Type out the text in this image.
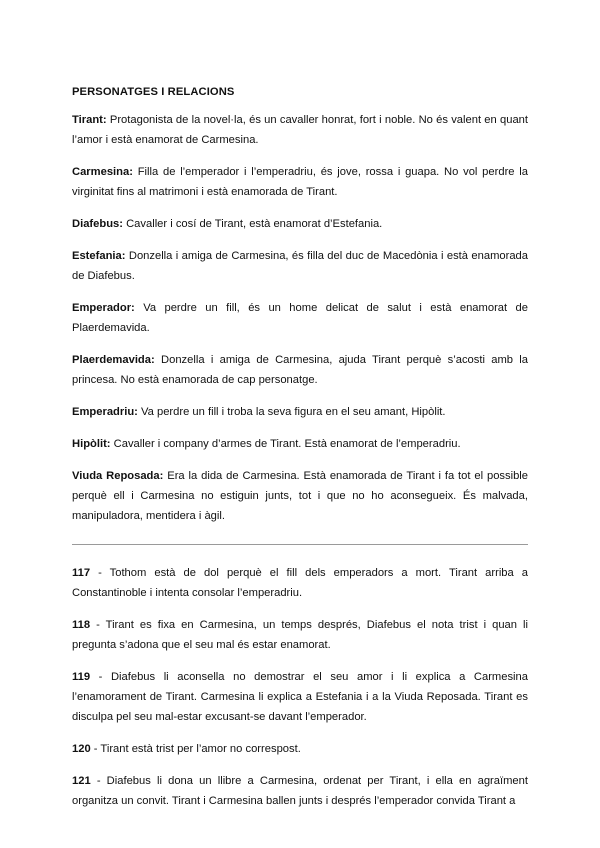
PERSONATGES I RELACIONS

Tirant: Protagonista de la novel·la, és un cavaller honrat, fort i noble. No és valent en quant l’amor i està enamorat de Carmesina.

Carmesina: Filla de l’emperador i l’emperadriu, és jove, rossa i guapa. No vol perdre la virginitat fins al matrimoni i està enamorada de Tirant.

Diafebus: Cavaller i cosí de Tirant, està enamorat d’Estefania.

Estefania: Donzella i amiga de Carmesina, és filla del duc de Macedònia i està enamorada de Diafebus.

Emperador: Va perdre un fill, és un home delicat de salut i està enamorat de Plaerdemavida.

Plaerdemavida: Donzella i amiga de Carmesina, ajuda Tirant perquè s’acosti amb la princesa. No està enamorada de cap personatge.

Emperadriu: Va perdre un fill i troba la seva figura en el seu amant, Hipòlit.

Hipòlit: Cavaller i company d’armes de Tirant. Està enamorat de l’emperadriu.

Viuda Reposada: Era la dida de Carmesina. Està enamorada de Tirant i fa tot el possible perquè ell i Carmesina no estiguin junts, tot i que no ho aconsegueix. És malvada, manipuladora, mentidera i àgil.

117 - Tothom està de dol perquè el fill dels emperadors a mort. Tirant arriba a Constantinoble i intenta consolar l’emperadriu.

118 - Tirant es fixa en Carmesina, un temps després, Diafebus el nota trist i quan li pregunta s’adona que el seu mal és estar enamorat.

119 - Diafebus li aconsella no demostrar el seu amor i li explica a Carmesina l’enamorament de Tirant. Carmesina li explica a Estefania i a la Viuda Reposada. Tirant es disculpa pel seu mal-estar excusant-se davant l’emperador.

120 - Tirant està trist per l’amor no correspost.

121 - Diafebus li dona un llibre a Carmesina, ordenat per Tirant, i ella en agraïment organitza un convit. Tirant i Carmesina ballen junts i després l’emperador convida Tirant a
